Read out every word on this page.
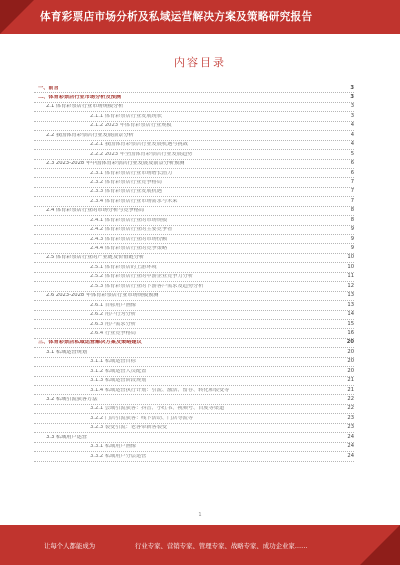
体育彩票店市场分析及私域运营解决方案及策略研究报告
内容目录
一、前言	3
二、体育彩票店行业市场分析及预测	3
2.1 体育彩票店行业市场规模分析	3
2.1.1 体育彩票店行业发展现状	3
2.1.2 2023 年体育彩票店行业规模	4
2.2 我国体育彩票店行业发展前景分析	4
2.2.1 我国体育彩票店行业发展机遇与挑战	4
2.2.2 2023 年全国体育彩票店行业发展趋势	5
2.3 2023-2028 年中国体育彩票店行业发展及前景分析预测	6
2.3.1 体育彩票店行业市场增长潜力	6
2.3.2 体育彩票店行业竞争格局	7
2.3.3 体育彩票店行业发展机遇	7
2.3.4 体育彩票店行业市场需求与未来	7
2.4 体育彩票店行业的市场分析与竞争格局	8
2.4.1 体育彩票店行业的市场规模	8
2.4.2 体育彩票店行业的主要竞争者	9
2.4.3 体育彩票店行业的市场份额	9
2.4.4 体育彩票店行业的竞争策略	9
2.5 体育彩票店行业的产业链及价值链分析	10
2.5.1 体育彩票店的上游环境	10
2.5.2 体育彩票店行业的中游企业竞争力分析	11
2.5.3 体育彩票店行业的下游客户需求及趋势分析	12
2.6 2023-2028 年体育彩票店行业市场规模预测	13
2.6.1 目标用户画像	13
2.6.2 用户行为分析	14
2.6.3 用户需求分析	15
2.6.4 行业竞争格局	16
三、体育彩票店私域运营解决方案及策略建议	20
3.1 私域运营规划	20
3.1.1 私域运营目标	20
3.1.2 私域运营人员配置	20
3.1.3 私域运营阶段规划	21
3.1.4 私域运营执行计划：引流、激活、留存、转化和裂变等	21
3.2 私域引流获客方法	22
3.2.1 公域引流获客：抖音、小红书、视频号、百度等渠道	22
3.2.2 门店引流获客：线下活动、门店导流等	23
3.2.3 裂变引流：老客带新客裂变	23
3.3 私域用户运营	24
3.3.1 私域用户画像	24
3.3.2 私域用户分层运营	24
1
让每个人都能成为	行业专家、营销专家、管理专家、战略专家、成功企业家……
